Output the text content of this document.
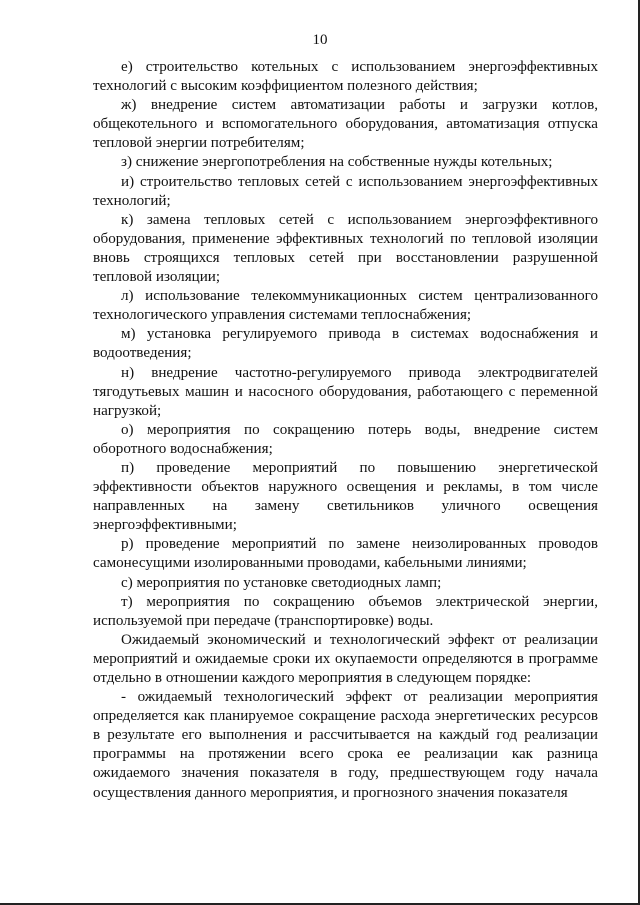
10

е) строительство котельных с использованием энергоэффективных технологий с высоким коэффициентом полезного действия;

ж) внедрение систем автоматизации работы и загрузки котлов, общекотельного и вспомогательного оборудования, автоматизация отпуска тепловой энергии потребителям;

з) снижение энергопотребления на собственные нужды котельных;

и) строительство тепловых сетей с использованием энергоэффективных технологий;

к) замена тепловых сетей с использованием энергоэффективного оборудования, применение эффективных технологий по тепловой изоляции вновь строящихся тепловых сетей при восстановлении разрушенной тепловой изоляции;

л) использование телекоммуникационных систем централизованного технологического управления системами теплоснабжения;

м) установка регулируемого привода в системах водоснабжения и водоотведения;

н) внедрение частотно-регулируемого привода электродвигателей тягодутьевых машин и насосного оборудования, работающего с переменной нагрузкой;

о) мероприятия по сокращению потерь воды, внедрение систем оборотного водоснабжения;

п) проведение мероприятий по повышению энергетической эффективности объектов наружного освещения и рекламы, в том числе направленных на замену светильников уличного освещения энергоэффективными;

р) проведение мероприятий по замене неизолированных проводов самонесущими изолированными проводами, кабельными линиями;

с) мероприятия по установке светодиодных ламп;

т) мероприятия по сокращению объемов электрической энергии, используемой при передаче (транспортировке) воды.

Ожидаемый экономический и технологический эффект от реализации мероприятий и ожидаемые сроки их окупаемости определяются в программе отдельно в отношении каждого мероприятия в следующем порядке:

- ожидаемый технологический эффект от реализации мероприятия определяется как планируемое сокращение расхода энергетических ресурсов в результате его выполнения и рассчитывается на каждый год реализации программы на протяжении всего срока ее реализации как разница ожидаемого значения показателя в году, предшествующем году начала осуществления данного мероприятия, и прогнозного значения показателя
